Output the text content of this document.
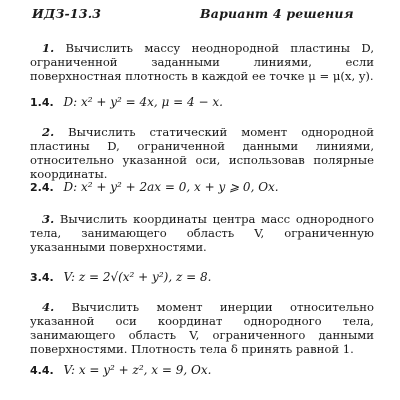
ИДЗ-13.3	Вариант 4 решения
1. Вычислить массу неоднородной пластины D, ограниченной заданными линиями, если поверхностная плотность в каждой ее точке μ = μ(x, y).
1.4. D: x² + y² = 4x, μ = 4 − x.
2. Вычислить статический момент однородной пластины D, ограниченной данными линиями, относительно указанной оси, использовав полярные координаты.
2.4. D: x² + y² + 2ax = 0, x + y ⩾ 0, Ox.
3. Вычислить координаты центра масс однородного тела, занимающего область V, ограниченную указанными поверхностями.
3.4. V: z = 2√(x² + y²), z = 8.
4. Вычислить момент инерции относительно указанной оси координат однородного тела, занимающего область V, ограниченного данными поверхностями. Плотность тела δ принять равной 1.
4.4. V: x = y² + z², x = 9, Ox.
